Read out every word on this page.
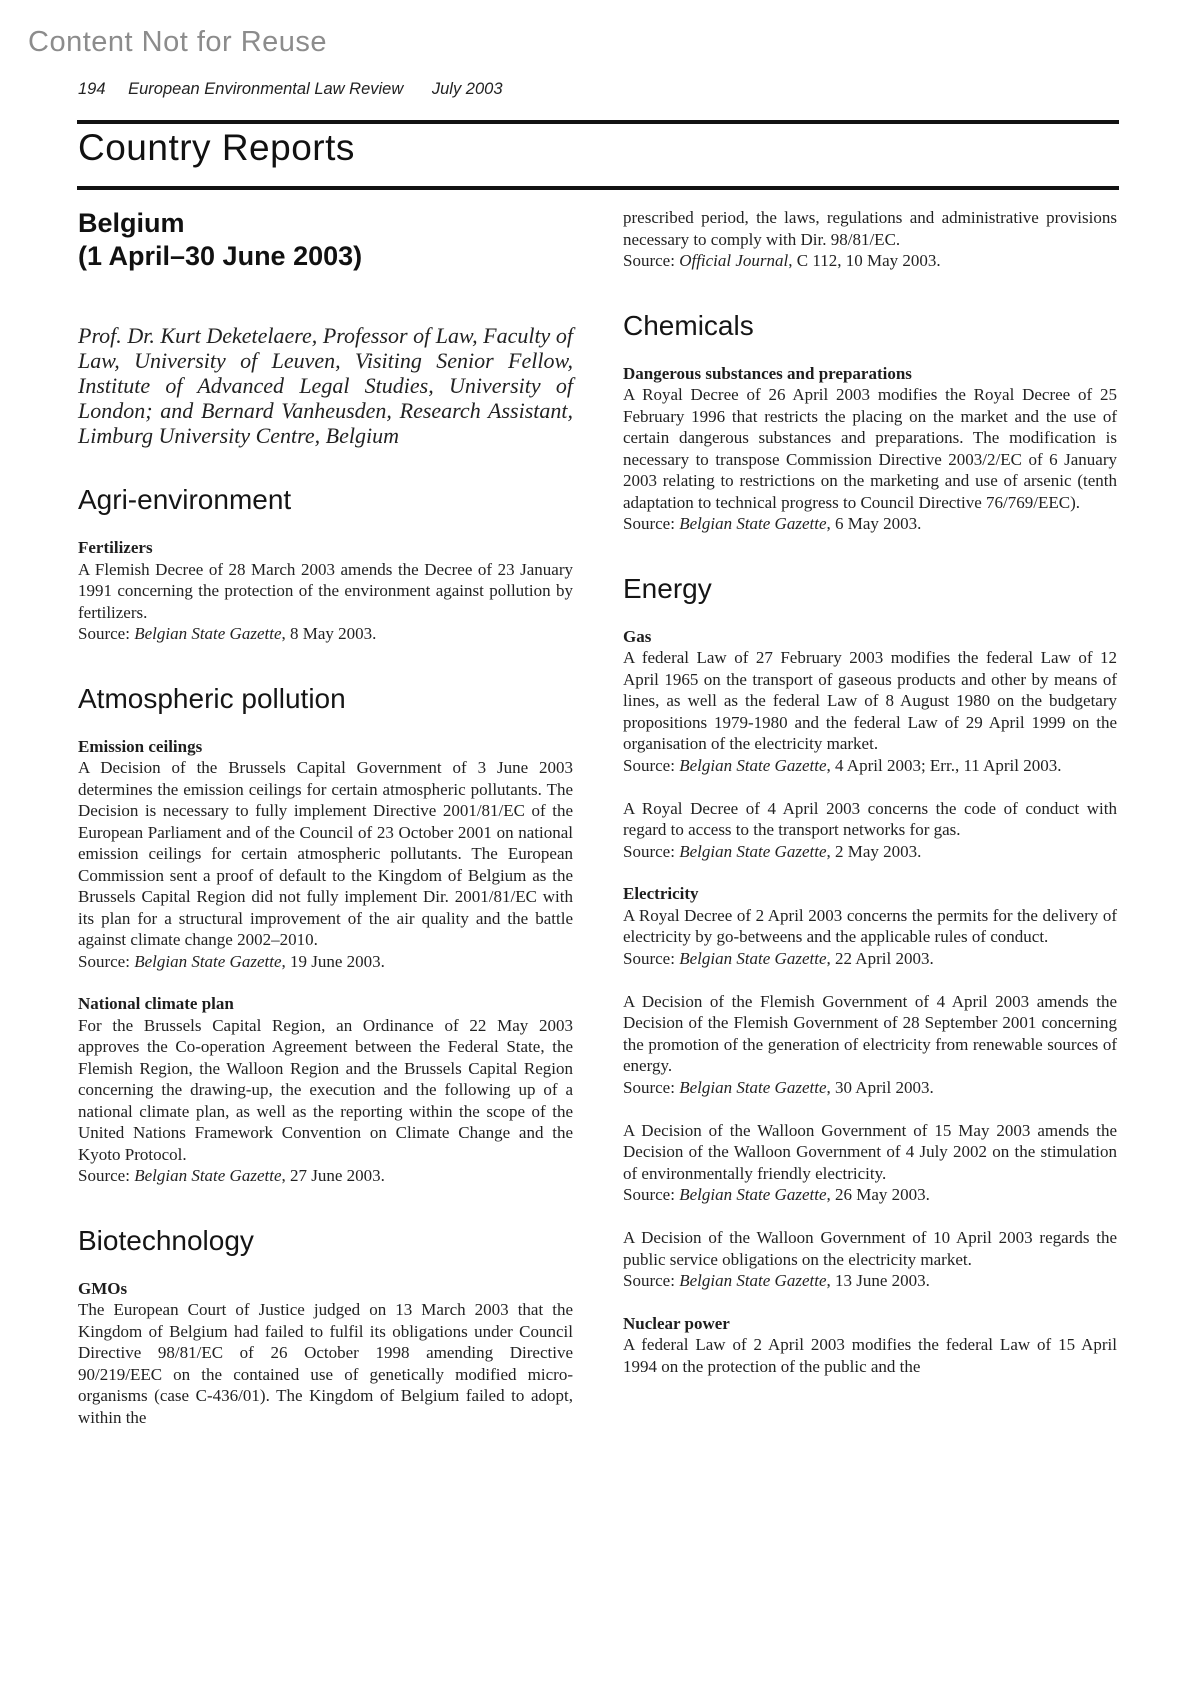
Content Not for Reuse
194 European Environmental Law Review July 2003
Country Reports
Belgium
(1 April–30 June 2003)

Prof. Dr. Kurt Deketelaere, Professor of Law, Faculty of Law, University of Leuven, Visiting Senior Fellow, Institute of Advanced Legal Studies, University of London; and Bernard Vanheusden, Research Assistant, Limburg University Centre, Belgium

Agri-environment
Fertilizers

A Flemish Decree of 28 March 2003 amends the Decree of 23 January 1991 concerning the protection of the environment against pollution by fertilizers.

Source: Belgian State Gazette, 8 May 2003.

Atmospheric pollution
Emission ceilings

A Decision of the Brussels Capital Government of 3 June 2003 determines the emission ceilings for certain atmospheric pollutants. The Decision is necessary to fully implement Directive 2001/81/EC of the European Parliament and of the Council of 23 October 2001 on national emission ceilings for certain atmospheric pollutants. The European Commission sent a proof of default to the Kingdom of Belgium as the Brussels Capital Region did not fully implement Dir. 2001/81/EC with its plan for a structural improvement of the air quality and the battle against climate change 2002–2010.

Source: Belgian State Gazette, 19 June 2003.

National climate plan

For the Brussels Capital Region, an Ordinance of 22 May 2003 approves the Co-operation Agreement between the Federal State, the Flemish Region, the Walloon Region and the Brussels Capital Region concerning the drawing-up, the execution and the following up of a national climate plan, as well as the reporting within the scope of the United Nations Framework Convention on Climate Change and the Kyoto Protocol.

Source: Belgian State Gazette, 27 June 2003.

Biotechnology
GMOs

The European Court of Justice judged on 13 March 2003 that the Kingdom of Belgium had failed to fulfil its obligations under Council Directive 98/81/EC of 26 October 1998 amending Directive 90/219/EEC on the contained use of genetically modified micro-organisms (case C-436/01). The Kingdom of Belgium failed to adopt, within the

prescribed period, the laws, regulations and administrative provisions necessary to comply with Dir. 98/81/EC.

Source: Official Journal, C 112, 10 May 2003.

Chemicals
Dangerous substances and preparations

A Royal Decree of 26 April 2003 modifies the Royal Decree of 25 February 1996 that restricts the placing on the market and the use of certain dangerous substances and preparations. The modification is necessary to transpose Commission Directive 2003/2/EC of 6 January 2003 relating to restrictions on the marketing and use of arsenic (tenth adaptation to technical progress to Council Directive 76/769/EEC).

Source: Belgian State Gazette, 6 May 2003.

Energy
Gas

A federal Law of 27 February 2003 modifies the federal Law of 12 April 1965 on the transport of gaseous products and other by means of lines, as well as the federal Law of 8 August 1980 on the budgetary propositions 1979-1980 and the federal Law of 29 April 1999 on the organisation of the electricity market.

Source: Belgian State Gazette, 4 April 2003; Err., 11 April 2003.

A Royal Decree of 4 April 2003 concerns the code of conduct with regard to access to the transport networks for gas.

Source: Belgian State Gazette, 2 May 2003.

Electricity

A Royal Decree of 2 April 2003 concerns the permits for the delivery of electricity by go-betweens and the applicable rules of conduct.

Source: Belgian State Gazette, 22 April 2003.

A Decision of the Flemish Government of 4 April 2003 amends the Decision of the Flemish Government of 28 September 2001 concerning the promotion of the generation of electricity from renewable sources of energy.

Source: Belgian State Gazette, 30 April 2003.

A Decision of the Walloon Government of 15 May 2003 amends the Decision of the Walloon Government of 4 July 2002 on the stimulation of environmentally friendly electricity.

Source: Belgian State Gazette, 26 May 2003.

A Decision of the Walloon Government of 10 April 2003 regards the public service obligations on the electricity market.

Source: Belgian State Gazette, 13 June 2003.

Nuclear power

A federal Law of 2 April 2003 modifies the federal Law of 15 April 1994 on the protection of the public and the
